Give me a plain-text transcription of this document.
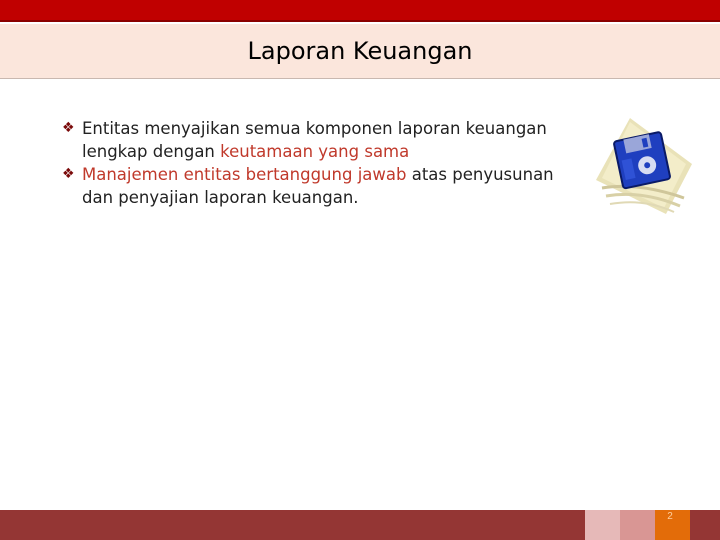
Laporan Keuangan

❖ Entitas menyajikan semua komponen laporan keuangan lengkap dengan keutamaan yang sama

❖ Manajemen entitas bertanggung jawab atas penyusunan dan penyajian laporan keuangan.

2
